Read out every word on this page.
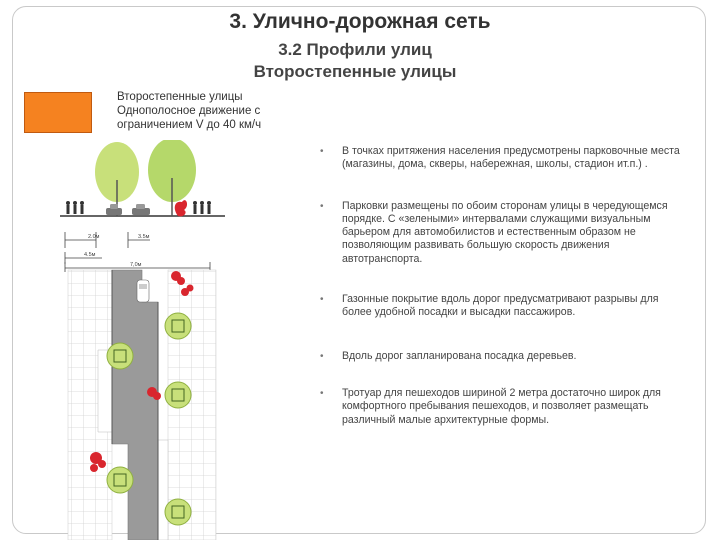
3. Улично-дорожная сеть
3.2 Профили улиц
Второстепенные улицы
Второстепенные улицы
Однополосное движение с
ограничением V до 40 км/ч
2.0м	3.5м
4.5м
7,0м
• В точках притяжения населения предусмотрены парковочные места (магазины, дома, скверы, набережная, школы, стадион ит.п.) .
• Парковки размещены по обоим сторонам улицы в чередующемся порядке. С «зелеными» интервалами служащими визуальным барьером для автомобилистов и естественным образом не позволяющим развивать большую скорость движения автотранспорта.
• Газонные покрытие вдоль дорог предусматривают разрывы для более удобной посадки и высадки пассажиров.
• Вдоль дорог запланирована посадка деревьев.
• Тротуар для пешеходов шириной 2 метра достаточно широк для комфортного пребывания пешеходов, и позволяет размещать различный малые архитектурные формы.
